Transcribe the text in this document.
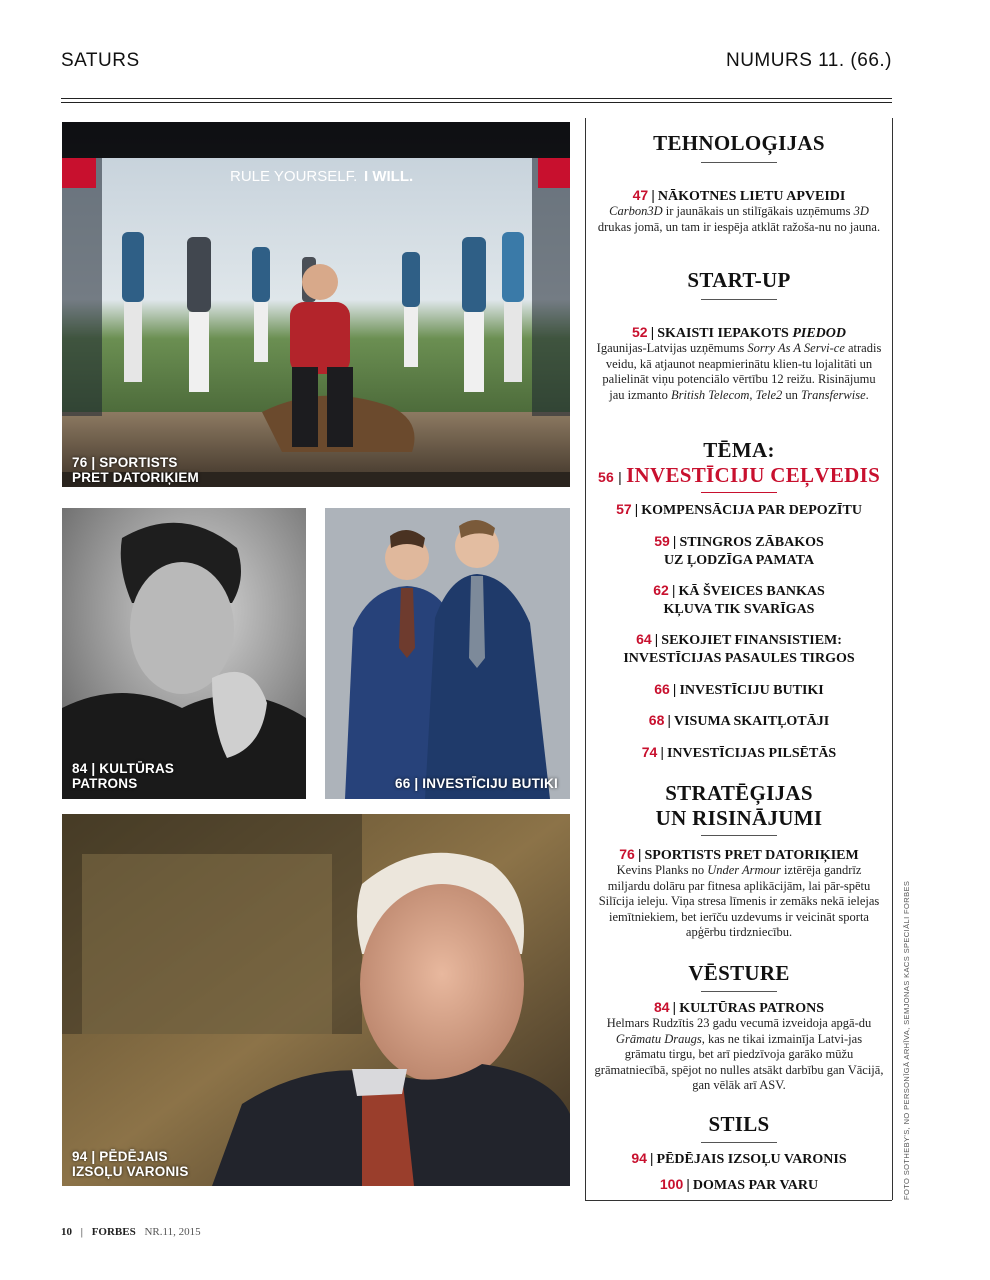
SATURS	NUMURS 11. (66.)
RULE YOURSELF. I WILL.
76 | SPORTISTS
PRET DATORIĶIEM
84 | KULTŪRAS
PATRONS	66 | INVESTĪCIJU BUTIKI
94 | PĒDĒJAIS
IZSOĻU VARONIS
TEHNOLOĢIJAS
47 | NĀKOTNES LIETU APVEIDI
Carbon3D ir jaunākais un stilīgākais uzņēmums 3D drukas jomā, un tam ir iespēja atklāt ražoša-nu no jauna.
START-UP
52 | SKAISTI IEPAKOTS PIEDOD
Igaunijas-Latvijas uzņēmums Sorry As A Servi-ce atradis veidu, kā atjaunot neapmierinātu klien-tu lojalitāti un palielināt viņu potenciālo vērtību 12 reižu. Risinājumu jau izmanto British Telecom, Tele2 un Transferwise.
TĒMA:
56 | INVESTĪCIJU CEĻVEDIS
57 | KOMPENSĀCIJA PAR DEPOZĪTU
59 | STINGROS ZĀBAKOS
UZ ĻODZĪGA PAMATA
62 | KĀ ŠVEICES BANKAS
KĻUVA TIK SVARĪGAS
64 | SEKOJIET FINANSISTIEM:
INVESTĪCIJAS PASAULES TIRGOS
66 | INVESTĪCIJU BUTIKI
68 | VISUMA SKAITĻOTĀJI
74 | INVESTĪCIJAS PILSĒTĀS
STRATĒĢIJAS
UN RISINĀJUMI
76 | SPORTISTS PRET DATORIĶIEM
Kevins Planks no Under Armour iztērēja gandrīz miljardu dolāru par fitnesa aplikācijām, lai pār-spētu Silīcija ieleju. Viņa stresa līmenis ir zemāks nekā ielejas iemītniekiem, bet ierīču uzdevums ir veicināt sporta apģērbu tirdzniecību.
VĒSTURE
84 | KULTŪRAS PATRONS
Helmars Rudzītis 23 gadu vecumā izveidoja apgā-du Grāmatu Draugs, kas ne tikai izmainīja Latvi-jas grāmatu tirgu, bet arī piedzīvoja garāko mūžu grāmatniecībā, spējot no nulles atsākt darbību gan Vācijā, gan vēlāk arī ASV.
STILS
94 | PĒDĒJAIS IZSOĻU VARONIS
100 | DOMAS PAR VARU	FOTO SOTHEBY'S, NO PERSONĪGĀ ARHĪVA, SEMJONAS KACS SPECIĀLI FORBES
10 | FORBES NR.11, 2015
